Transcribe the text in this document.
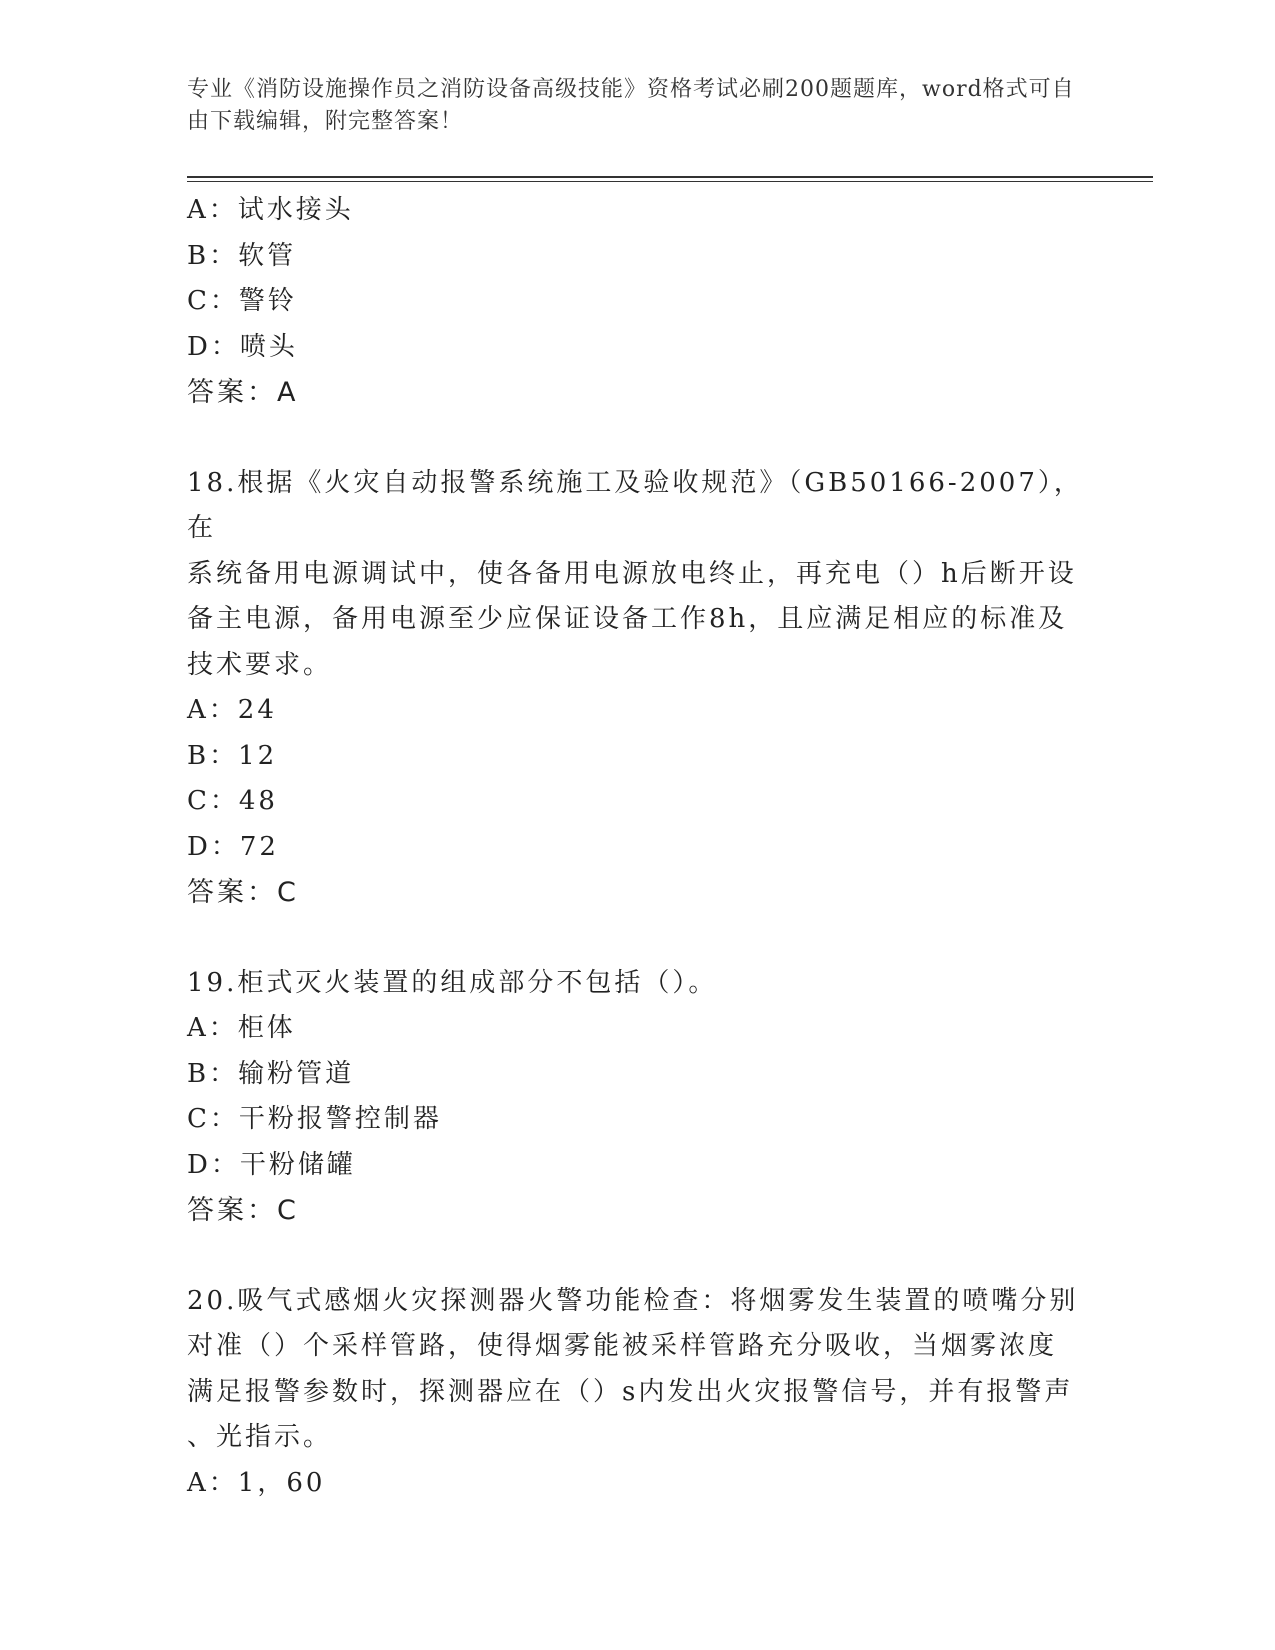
专业《消防设施操作员之消防设备高级技能》资格考试必刷200题题库，word格式可自由下载编辑，附完整答案！
A：试水接头
B：软管
C：警铃
D：喷头
答案：A
18.根据《火灾自动报警系统施工及验收规范》（GB50166-2007），在
系统备用电源调试中，使各备用电源放电终止，再充电（）h后断开设
备主电源，备用电源至少应保证设备工作8h，且应满足相应的标准及
技术要求。
A：24
B：12
C：48
D：72
答案：C
19.柜式灭火装置的组成部分不包括（）。
A：柜体
B：输粉管道
C：干粉报警控制器
D：干粉储罐
答案：C
20.吸气式感烟火灾探测器火警功能检查：将烟雾发生装置的喷嘴分别
对准（）个采样管路，使得烟雾能被采样管路充分吸收，当烟雾浓度
满足报警参数时，探测器应在（）s内发出火灾报警信号，并有报警声
、光指示。
A：1，60
